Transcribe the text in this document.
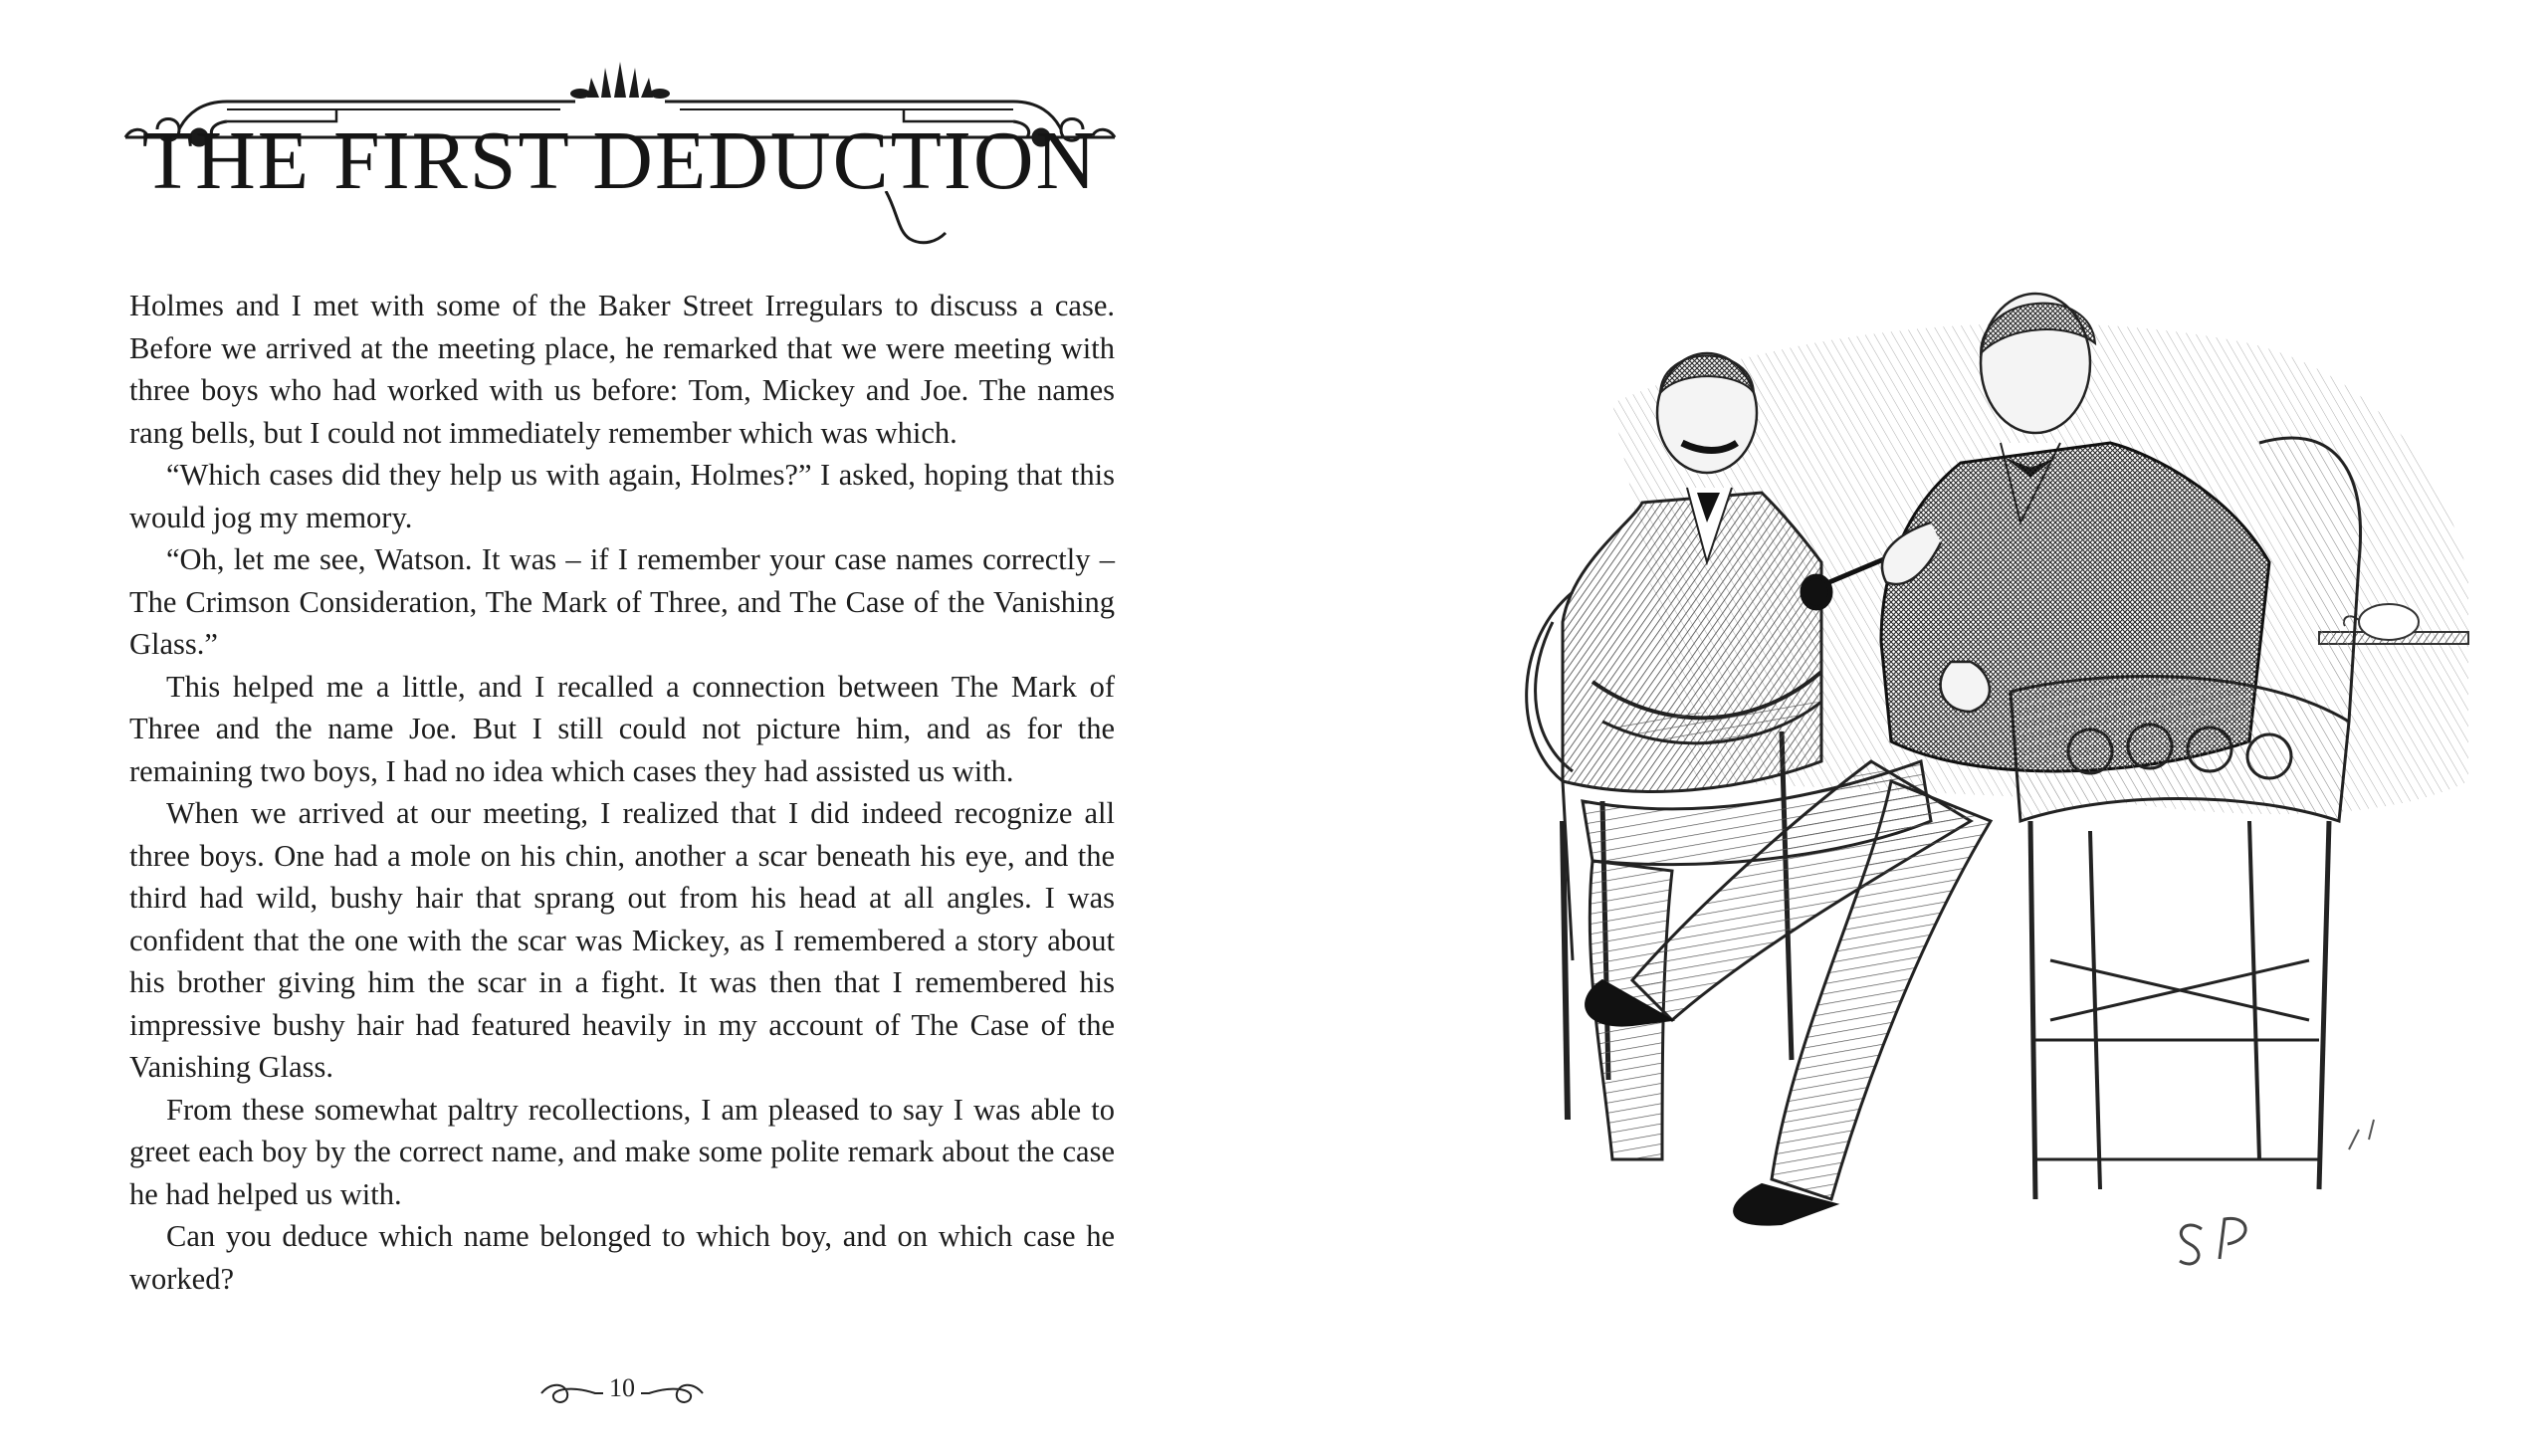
THE FIRST DEDUCTION

Holmes and I met with some of the Baker Street Irregulars to discuss a case. Before we arrived at the meeting place, he remarked that we were meeting with three boys who had worked with us before: Tom, Mickey and Joe. The names rang bells, but I could not immediately remember which was which.

“Which cases did they help us with again, Holmes?” I asked, hoping that this would jog my memory.

“Oh, let me see, Watson. It was – if I remember your case names correctly – The Crimson Consideration, The Mark of Three, and The Case of the Vanishing Glass.”

This helped me a little, and I recalled a connection between The Mark of Three and the name Joe. But I still could not picture him, and as for the remaining two boys, I had no idea which cases they had assisted us with.

When we arrived at our meeting, I realized that I did indeed recognize all three boys. One had a mole on his chin, another a scar beneath his eye, and the third had wild, bushy hair that sprang out from his head at all angles. I was confident that the one with the scar was Mickey, as I remembered a story about his brother giving him the scar in a fight. It was then that I remembered his impressive bushy hair had featured heavily in my account of The Case of the Vanishing Glass.

From these somewhat paltry recollections, I am pleased to say I was able to greet each boy by the correct name, and make some polite remark about the case he had helped us with.

Can you deduce which name belonged to which boy, and on which case he worked?

10
SP
